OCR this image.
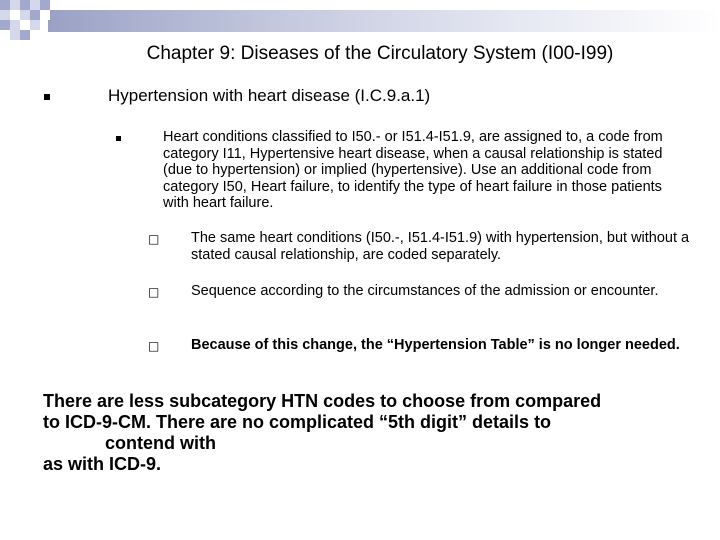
Chapter 9: Diseases of the Circulatory System (I00-I99)
Hypertension with heart disease (I.C.9.a.1)
Heart conditions classified to I50.- or I51.4-I51.9, are assigned to, a code from category I11, Hypertensive heart disease, when a causal relationship is stated (due to hypertension) or implied (hypertensive). Use an additional code from category I50, Heart failure, to identify the type of heart failure in those patients with heart failure.
□ The same heart conditions (I50.-, I51.4-I51.9) with hypertension, but without a stated causal relationship, are coded separately.
□ Sequence according to the circumstances of the admission or encounter.
□ Because of this change, the “Hypertension Table” is no longer needed.
There are less subcategory HTN codes to choose from compared
to ICD-9-CM. There are no complicated “5th digit” details to

contend with
as with ICD-9.
